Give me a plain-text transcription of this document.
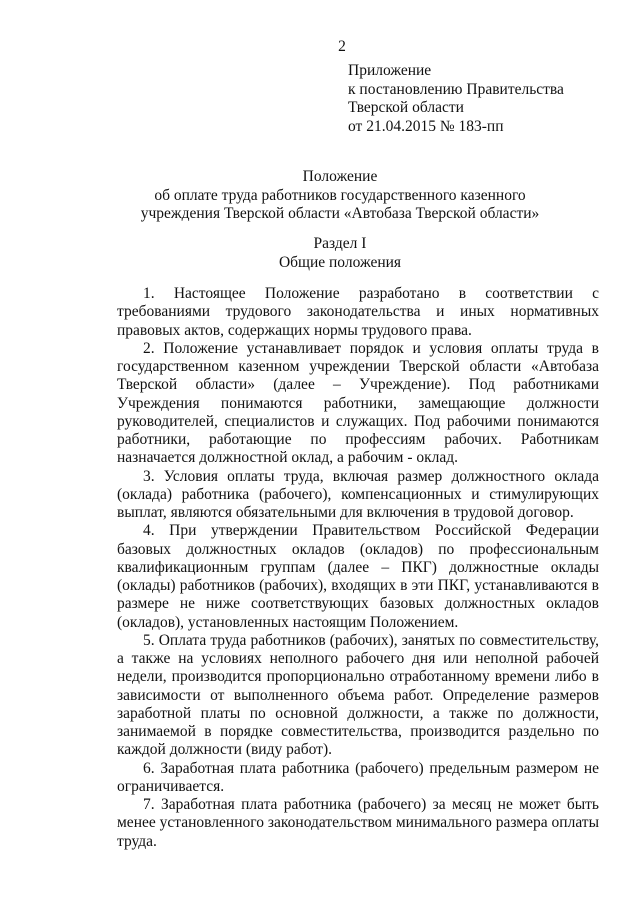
2
Приложение
к постановлению Правительства
Тверской области
от 21.04.2015 № 183-пп
Положение
об оплате труда работников государственного казенного
учреждения Тверской области «Автобаза Тверской области»
Раздел I
Общие положения

1. Настоящее Положение разработано в соответствии с требованиями трудового законодательства и иных нормативных правовых актов, содержащих нормы трудового права.

2. Положение устанавливает порядок и условия оплаты труда в государственном казенном учреждении Тверской области «Автобаза Тверской области» (далее – Учреждение). Под работниками Учреждения понимаются работники, замещающие должности руководителей, специалистов и служащих. Под рабочими понимаются работники, работающие по профессиям рабочих. Работникам назначается должностной оклад, а рабочим - оклад.

3. Условия оплаты труда, включая размер должностного оклада (оклада) работника (рабочего), компенсационных и стимулирующих выплат, являются обязательными для включения в трудовой договор.

4. При утверждении Правительством Российской Федерации базовых должностных окладов (окладов) по профессиональным квалификационным группам (далее – ПКГ) должностные оклады (оклады) работников (рабочих), входящих в эти ПКГ, устанавливаются в размере не ниже соответствующих базовых должностных окладов (окладов), установленных настоящим Положением.

5. Оплата труда работников (рабочих), занятых по совместительству, а также на условиях неполного рабочего дня или неполной рабочей недели, производится пропорционально отработанному времени либо в зависимости от выполненного объема работ. Определение размеров заработной платы по основной должности, а также по должности, занимаемой в порядке совместительства, производится раздельно по каждой должности (виду работ).

6. Заработная плата работника (рабочего) предельным размером не ограничивается.

7. Заработная плата работника (рабочего) за месяц не может быть менее установленного законодательством минимального размера оплаты труда.
